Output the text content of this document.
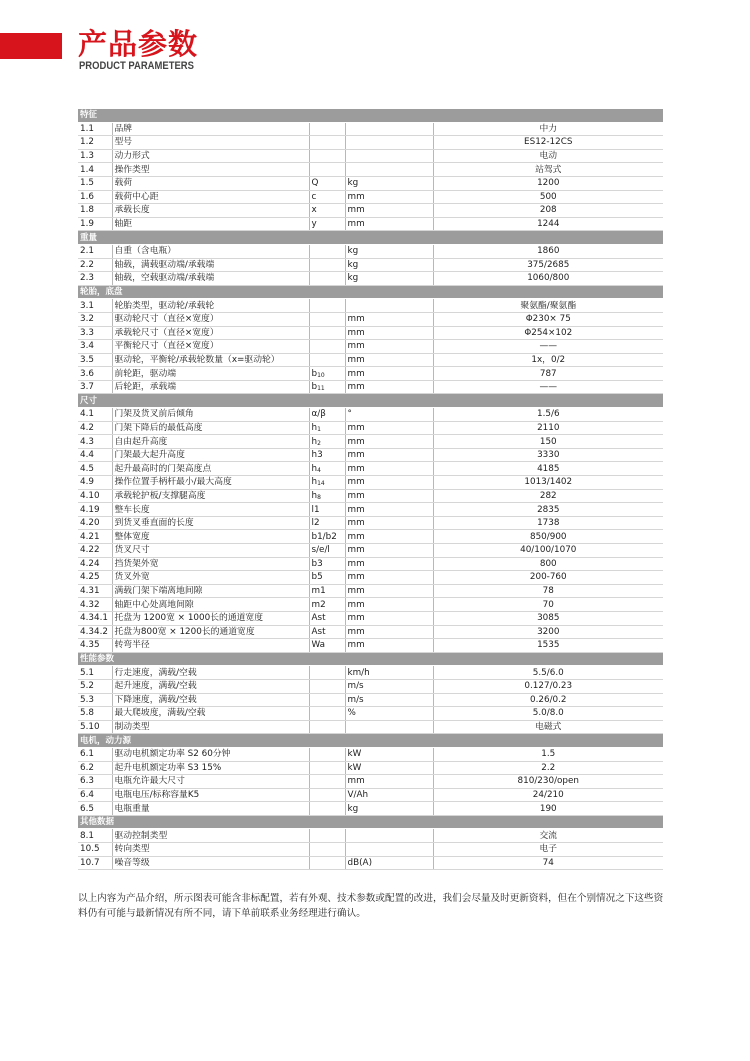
产品参数
PRODUCT PARAMETERS
特征				
1.1	品牌			中力
1.2	型号			ES12-12CS
1.3	动力形式			电动
1.4	操作类型			站驾式
1.5	载荷	Q	kg	1200
1.6	载荷中心距	c	mm	500
1.8	承载长度	x	mm	208
1.9	轴距	y	mm	1244
重量				
2.1	自重（含电瓶）		kg	1860
2.2	轴载，满载驱动端/承载端		kg	375/2685
2.3	轴载，空载驱动端/承载端		kg	1060/800
轮胎，底盘				
3.1	轮胎类型，驱动轮/承载轮			聚氨酯/聚氨酯
3.2	驱动轮尺寸（直径×宽度）		mm	Φ230× 75
3.3	承载轮尺寸（直径×宽度）		mm	Φ254×102
3.4	平衡轮尺寸（直径×宽度）		mm	——
3.5	驱动轮，平衡轮/承载轮数量（x=驱动轮）		mm	1x，0/2
3.6	前轮距，驱动端	$b_{10}$	mm	787
3.7	后轮距，承载端	$b_{11}$	mm	——
尺寸				
4.1	门架及货叉前后倾角	α/β	°	1.5/6
4.2	门架下降后的最低高度	$h_1$	mm	2110
4.3	自由起升高度	$h_2$	mm	150
4.4	门架最大起升高度	h3	mm	3330
4.5	起升最高时的门架高度点	$h_4$	mm	4185
4.9	操作位置手柄杆最小/最大高度	$h_{14}$	mm	1013/1402
4.10	承载轮护板/支撑腿高度	$h_8$	mm	282
4.19	整车长度	l1	mm	2835
4.20	到货叉垂直面的长度	l2	mm	1738
4.21	整体宽度	b1/b2	mm	850/900
4.22	货叉尺寸	s/e/l	mm	40/100/1070
4.24	挡货架外宽	b3	mm	800
4.25	货叉外宽	b5	mm	200-760
4.31	满载门架下端离地间隙	m1	mm	78
4.32	轴距中心处离地间隙	m2	mm	70
4.34.1	托盘为 1200宽 × 1000长的通道宽度	Ast	mm	3085
4.34.2	托盘为800宽 × 1200长的通道宽度	Ast	mm	3200
4.35	转弯半径	Wa	mm	1535
性能参数				
5.1	行走速度，满载/空载		km/h	5.5/6.0
5.2	起升速度，满载/空载		m/s	0.127/0.23
5.3	下降速度，满载/空载		m/s	0.26/0.2
5.8	最大爬坡度，满载/空载		%	5.0/8.0
5.10	制动类型			电磁式
电机，动力源				
6.1	驱动电机额定功率 S2 60分钟		kW	1.5
6.2	起升电机额定功率 S3 15%		kW	2.2
6.3	电瓶允许最大尺寸		mm	810/230/open
6.4	电瓶电压/标称容量K5		V/Ah	24/210
6.5	电瓶重量		kg	190
其他数据				
8.1	驱动控制类型			交流
10.5	转向类型			电子
10.7	噪音等级		dB(A)	74
以上内容为产品介绍，所示图表可能含非标配置，若有外观、技术参数或配置的改进，我们会尽量及时更新资料，但在个别情况之下这些资料仍有可能与最新情况有所不同，请下单前联系业务经理进行确认。
